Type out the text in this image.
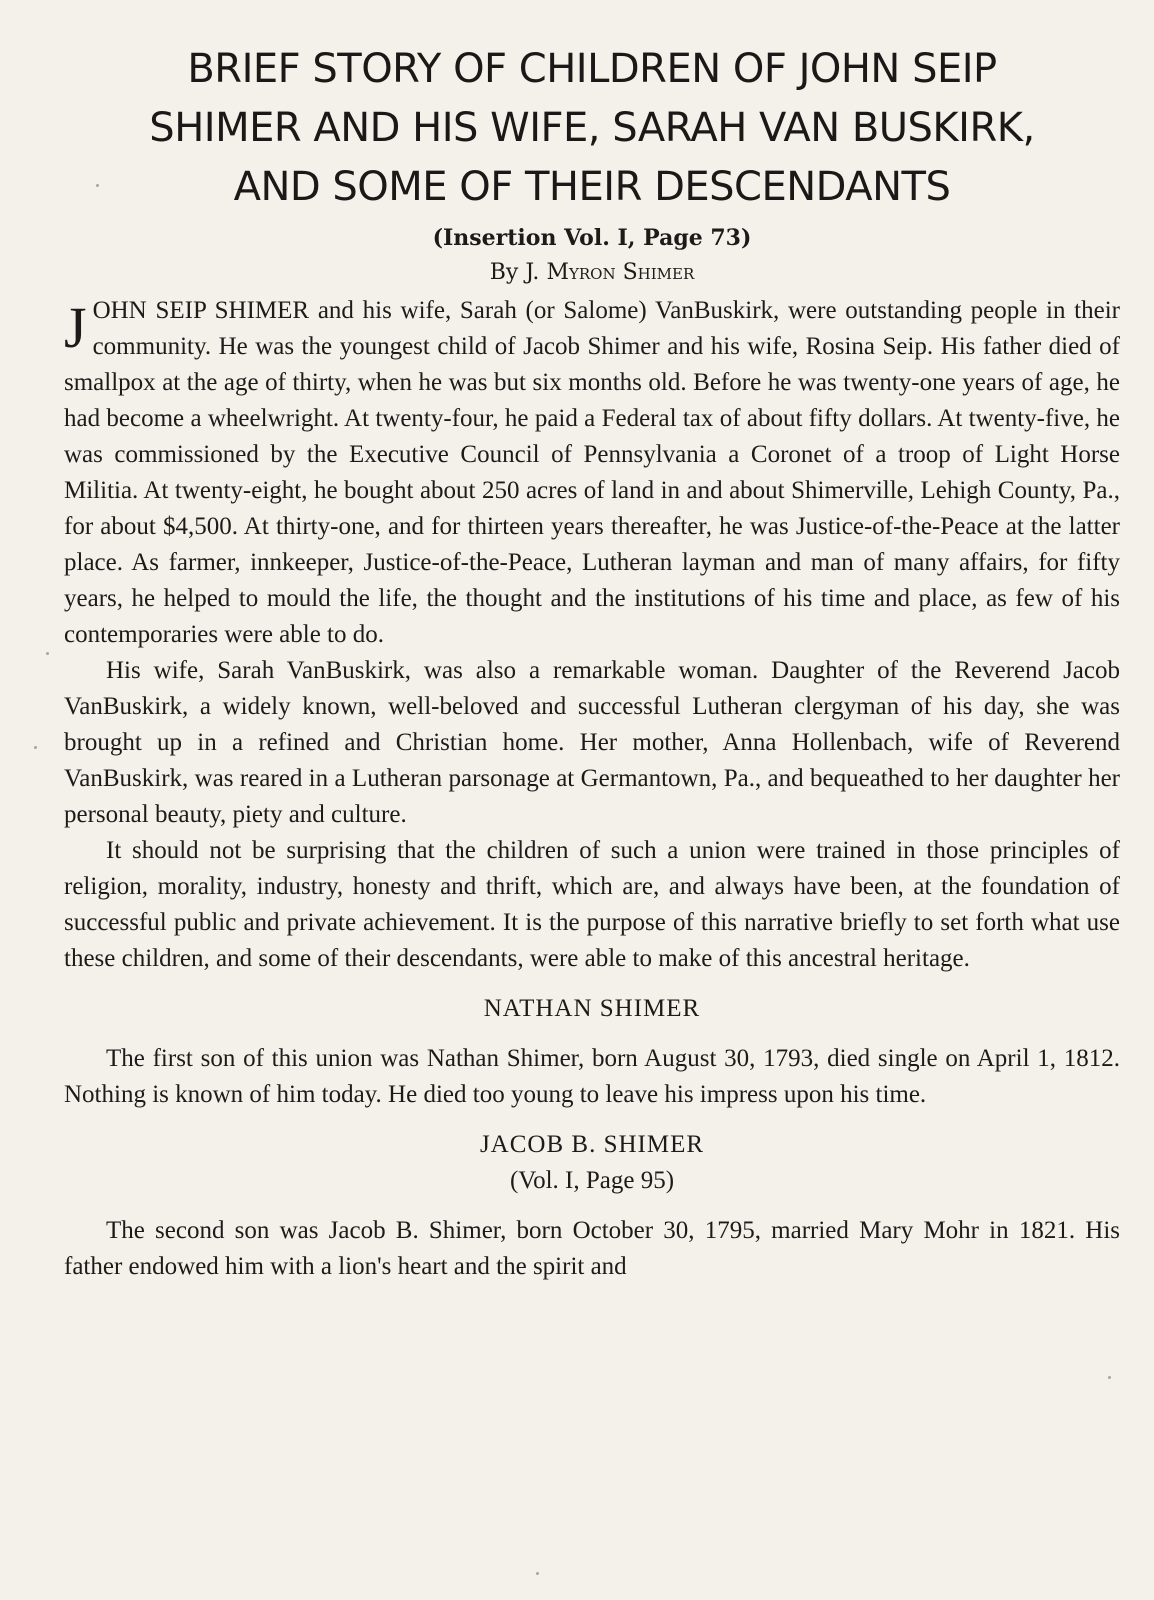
BRIEF STORY OF CHILDREN OF JOHN SEIP
SHIMER AND HIS WIFE, SARAH VAN BUSKIRK,
AND SOME OF THEIR DESCENDANTS
(Insertion Vol. I, Page 73)
By J. Myron Shimer

JOHN SEIP SHIMER and his wife, Sarah (or Salome) VanBuskirk, were outstanding people in their community. He was the youngest child of Jacob Shimer and his wife, Rosina Seip. His father died of smallpox at the age of thirty, when he was but six months old. Before he was twenty-one years of age, he had become a wheelwright. At twenty-four, he paid a Federal tax of about fifty dollars. At twenty-five, he was commissioned by the Executive Council of Pennsylvania a Coronet of a troop of Light Horse Militia. At twenty-eight, he bought about 250 acres of land in and about Shimerville, Lehigh County, Pa., for about $4,500. At thirty-one, and for thirteen years thereafter, he was Justice-of-the-Peace at the latter place. As farmer, innkeeper, Justice-of-the-Peace, Lutheran layman and man of many affairs, for fifty years, he helped to mould the life, the thought and the institutions of his time and place, as few of his contemporaries were able to do.

His wife, Sarah VanBuskirk, was also a remarkable woman. Daughter of the Reverend Jacob VanBuskirk, a widely known, well-beloved and successful Lutheran clergyman of his day, she was brought up in a refined and Christian home. Her mother, Anna Hollenbach, wife of Reverend VanBuskirk, was reared in a Lutheran parsonage at Germantown, Pa., and bequeathed to her daughter her personal beauty, piety and culture.

It should not be surprising that the children of such a union were trained in those principles of religion, morality, industry, honesty and thrift, which are, and always have been, at the foundation of successful public and private achievement. It is the purpose of this narrative briefly to set forth what use these children, and some of their descendants, were able to make of this ancestral heritage.

NATHAN SHIMER

The first son of this union was Nathan Shimer, born August 30, 1793, died single on April 1, 1812. Nothing is known of him today. He died too young to leave his impress upon his time.

JACOB B. SHIMER
(Vol. I, Page 95)

The second son was Jacob B. Shimer, born October 30, 1795, married Mary Mohr in 1821. His father endowed him with a lion's heart and the spirit and
